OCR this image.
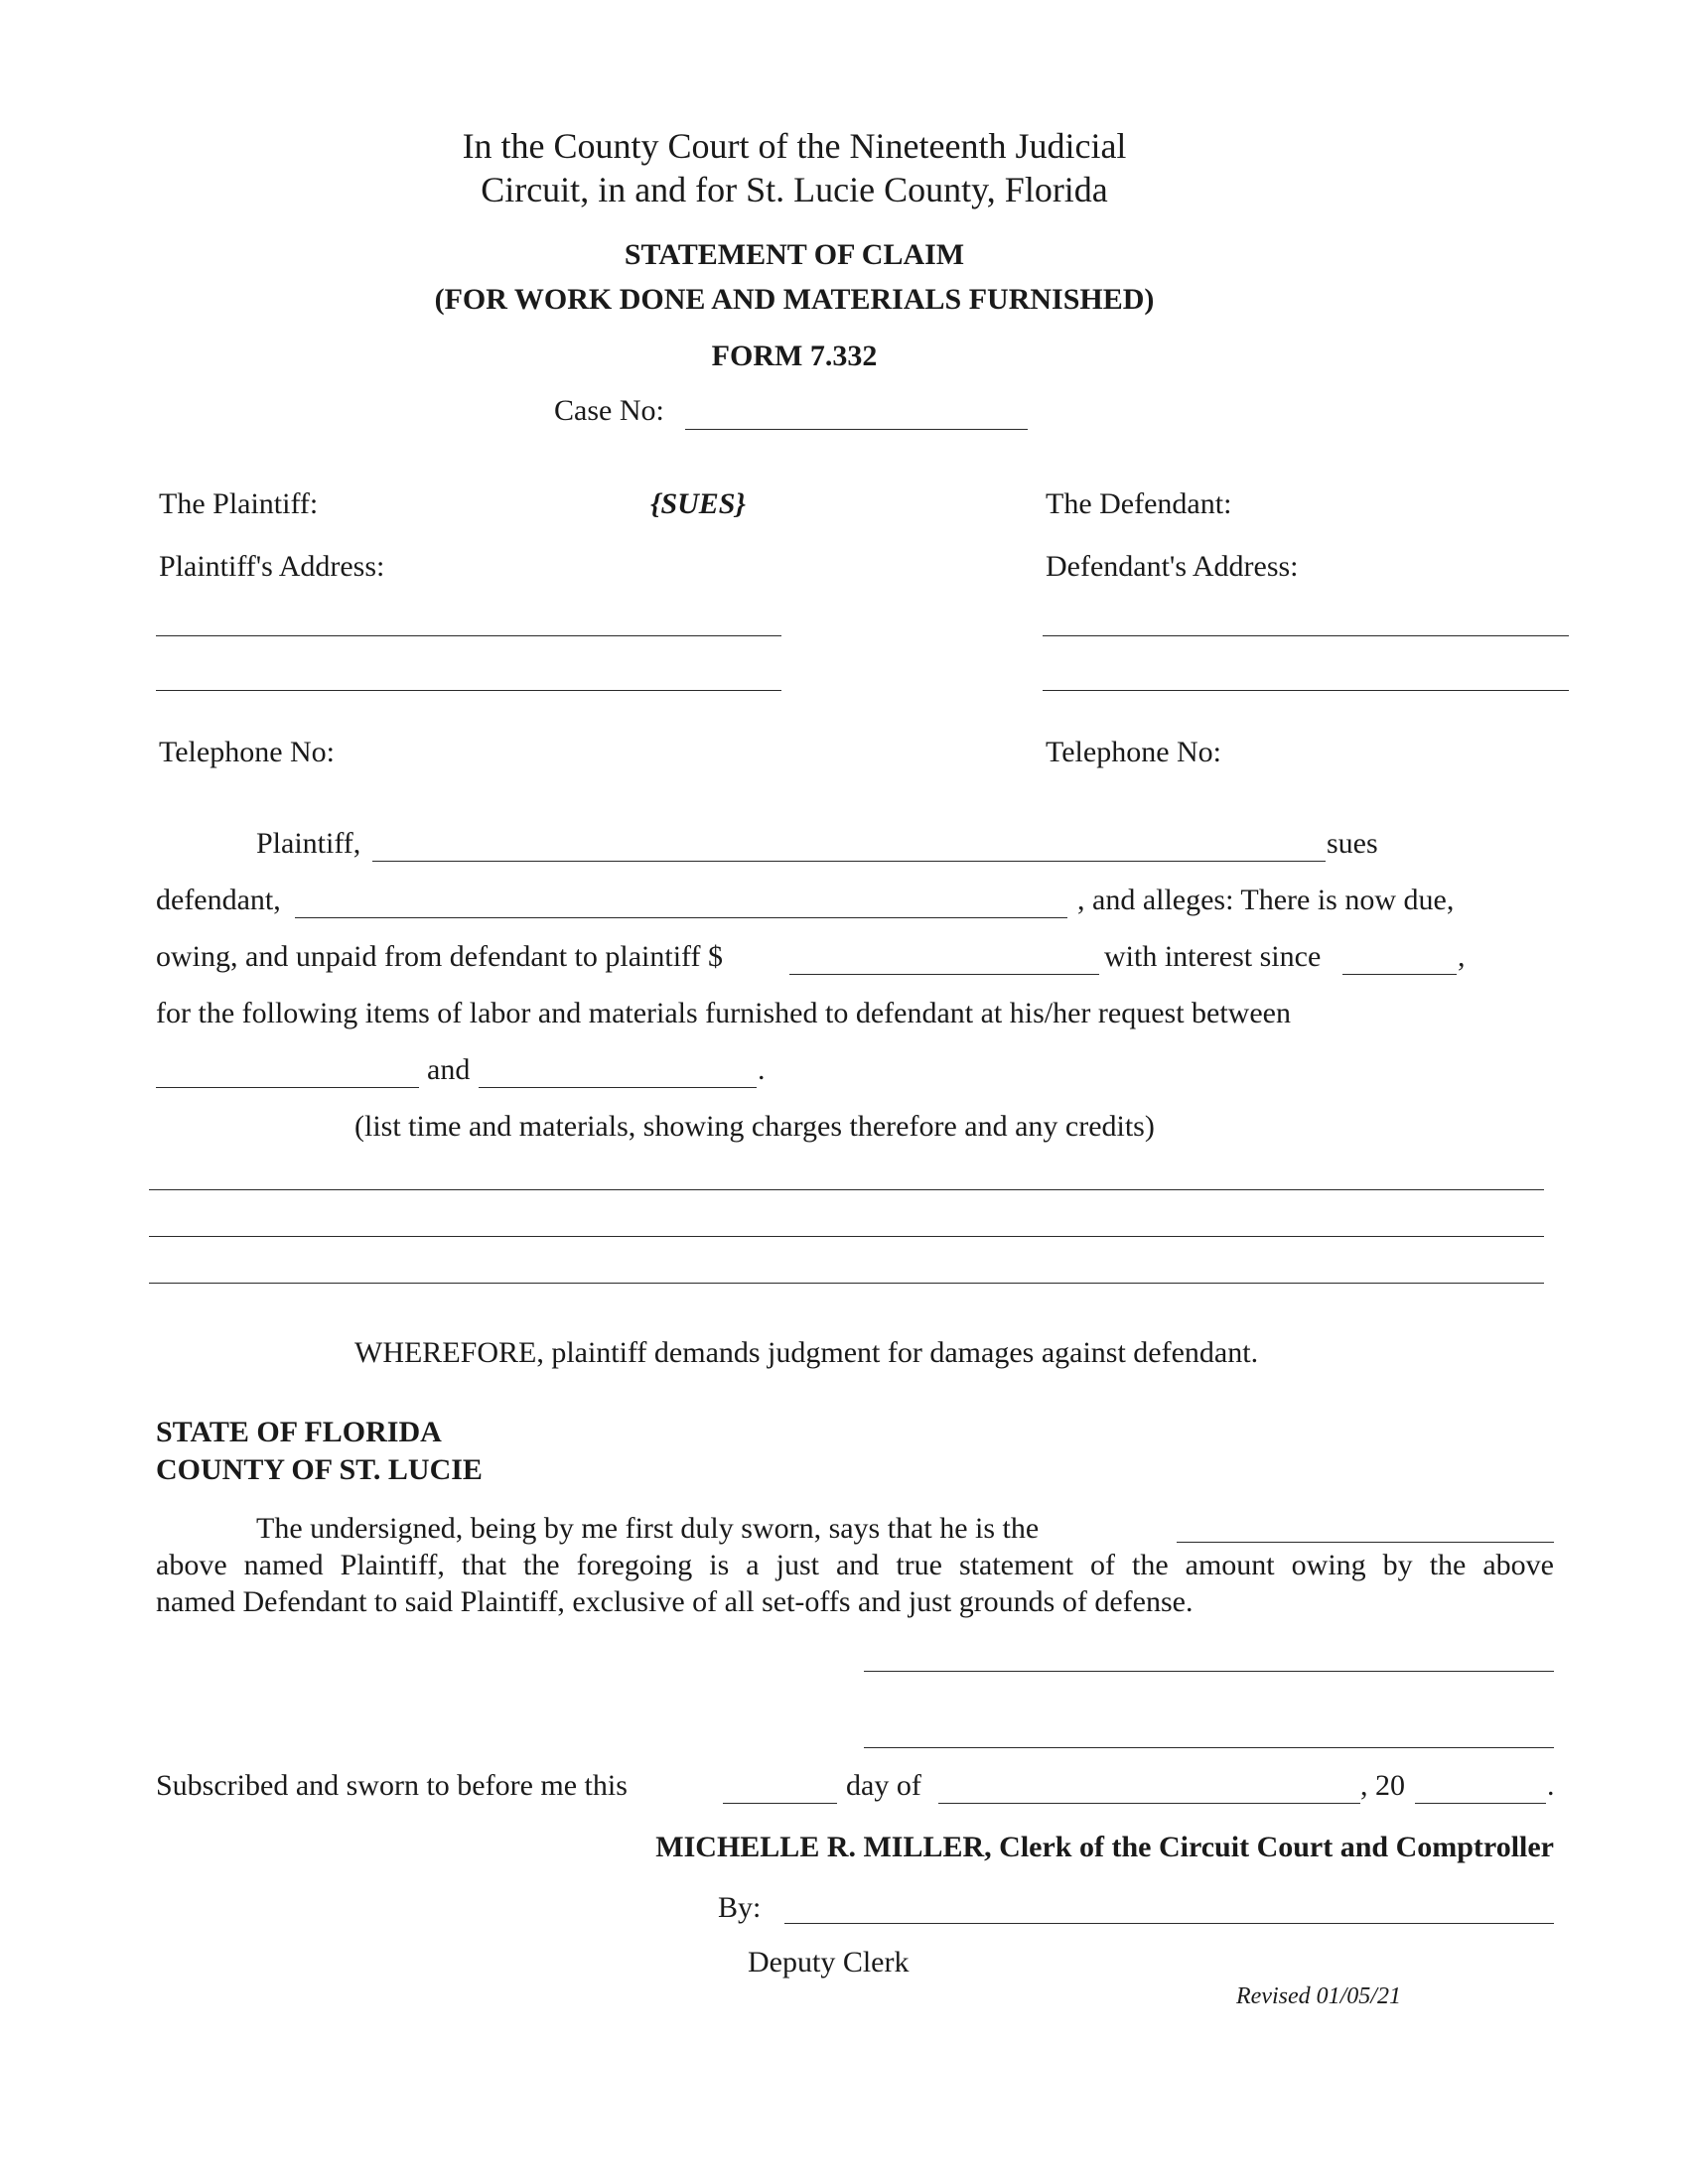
In the County Court of the Nineteenth Judicial
Circuit, in and for St. Lucie County, Florida
STATEMENT OF CLAIM
(FOR WORK DONE AND MATERIALS FURNISHED)
FORM 7.332
Case No:
The Plaintiff:	{SUES}	The Defendant:
Plaintiff's Address:	Defendant's Address:
Telephone No:	Telephone No:
Plaintiff,	sues
defendant,	, and alleges: There is now due,
owing, and unpaid from defendant to plaintiff $	with interest since	,
for the following items of labor and materials furnished to defendant at his/her request between
and	.
(list time and materials, showing charges therefore and any credits)
WHEREFORE, plaintiff demands judgment for damages against defendant.
STATE OF FLORIDA
COUNTY OF ST. LUCIE
The undersigned, being by me first duly sworn, says that he is the
above named Plaintiff, that the foregoing is a just and true statement of the amount owing by the above
named Defendant to said Plaintiff, exclusive of all set-offs and just grounds of defense.
Subscribed and sworn to before me this	day of	, 20	.
MICHELLE R. MILLER, Clerk of the Circuit Court and Comptroller
By:
Deputy Clerk
Revised 01/05/21
